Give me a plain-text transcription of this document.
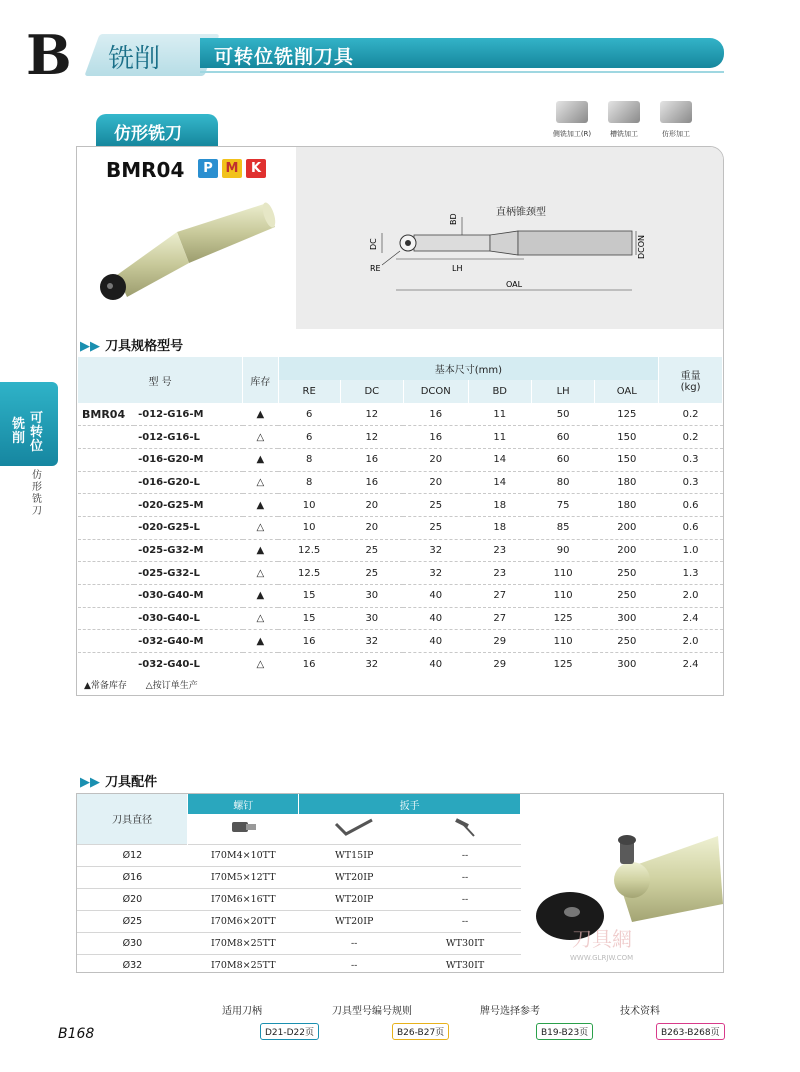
B 铣削	可转位铣削刀具
仿形铣刀	侧铣加工(R)	槽铣加工	仿形加工
直柄锥颈型
BD
DC
RE	LH
OAL
DCON
BMR04	P M K
▶▶ 刀具规格型号
型 号		库存	基本尺寸(mm)						重量
(kg)
			RE	DC	DCON	BD	LH	OAL	
BMR04	-012-G16-M	▲	6	12	16	11	50	125	0.2
	-012-G16-L	△	6	12	16	11	60	150	0.2
	-016-G20-M	▲	8	16	20	14	60	150	0.3
	-016-G20-L	△	8	16	20	14	80	180	0.3
	-020-G25-M	▲	10	20	25	18	75	180	0.6
	-020-G25-L	△	10	20	25	18	85	200	0.6
	-025-G32-M	▲	12.5	25	32	23	90	200	1.0
	-025-G32-L	△	12.5	25	32	23	110	250	1.3
	-030-G40-M	▲	15	30	40	27	110	250	2.0
	-030-G40-L	△	15	30	40	27	125	300	2.4
	-032-G40-M	▲	16	32	40	29	110	250	2.0
	-032-G40-L	△	16	32	40	29	125	300	2.4
▲常备库存 △按订单生产
▶▶ 刀具配件
刀具直径	螺钉	扳手	

Ø12	I70M4×10TT	WT15IP	--
Ø16	I70M5×12TT	WT20IP	--
Ø20	I70M6×16TT	WT20IP	--
Ø25	I70M6×20TT	WT20IP	--
Ø30	I70M8×25TT	--	WT30IT
Ø32	I70M8×25TT	--	WT30IT
刀具網
WWW.GLRJW.COM
适用刀柄
D21-D22页
刀具型号编号规则
B26-B27页
牌号选择参考
B19-B23页
技术资料
B263-B268页
B168
可转位
铣削
仿形铣刀
